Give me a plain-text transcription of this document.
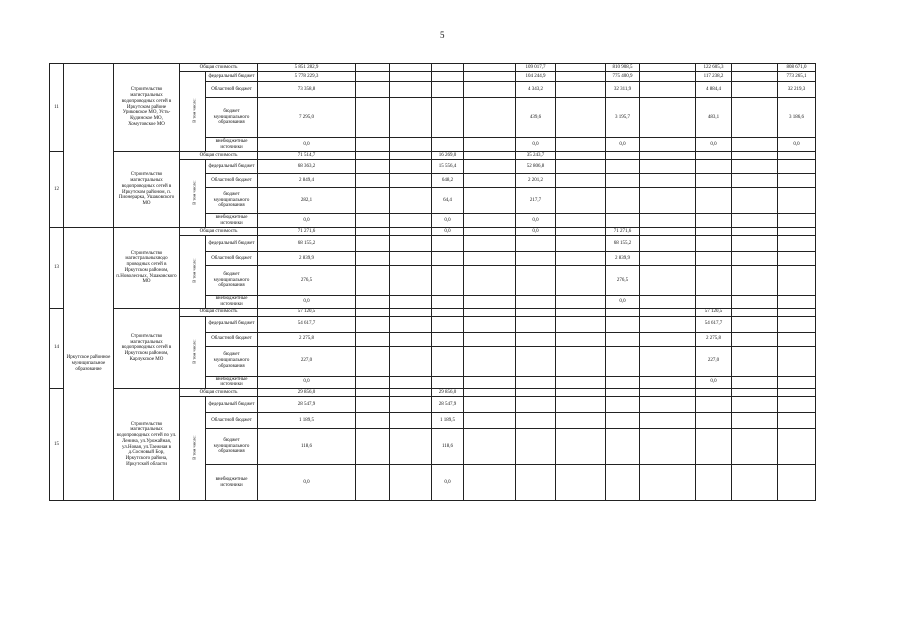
5
11		Строительство магистральных водопроводных сетей в Иркутском районе Уриковское МО, Усть-Кудинское МО, Хомутовское МО	Общая стоимость		5 851 282,9					109 017,7		810 908,5		122 605,3		808 671,0
			В том числе:	федеральный бюджет	5 778 229,3					104 244,9		775 400,9		117 238,2		773 265,1
				Областной бюджет	73 358,8					4 343,2		32 311,9		4 884,4		32 219,3
				бюджет муниципального образования	7 295,0					439,6		3 195,7		483,1		3 186,6
				внебюджетные источники	0,0					0,0		0,0		0,0		0,0
12		Строительство магистральных водопроводных сетей в Иркутском районом, п. Пионерарка, Ушаковского МО	Общая стоимость		71 514,7			16 269,0		35 243,7						
			В том числе:	федеральный бюджет	68 363,2			15 556,4		52 806,8						
				Областной бюджет	2 849,4			648,2		2 201,2						
				бюджет муниципального образования	282,1			64,4		217,7						
				внебюджетные источники	0,0			0,0		0,0						
13	Иркутское районное муниципальное образование	Строительство магистральныхводо проводных сетей в Иркутском районом, п.Новолесных, Ушаковского МО	Общая стоимость		71 271,6			0,0		0,0		71 271,6				
			В том числе:	федеральный бюджет	68 155,2							68 155,2				
				Областной бюджет	2 839,9							2 839,9				
				бюджет муниципального образования	276,5							276,5				
				внебюджетные источники	0,0							0,0				
14		Строительство магистральных водопроводных сетей в Иркутском районом, Карлукское МО	Общая стоимость		57 120,5									57 120,5		
			В том числе:	федеральный бюджет	54 617,7									54 617,7		
				Областной бюджет	2 275,8									2 275,8		
				бюджет муниципального образования	227,0									227,0		
				внебюджетные источники	0,0									0,0		
15		Строительство магистральных водопроводных сетей по ул. Ленина, ул.Урожайная, ул.Новая, ул.Таежная в д.Сосновый Бор, Иркутского района, Иркутской области	Общая стоимость		29 856,0			29 856,0								
			В том числе:	федеральный бюджет	28 547,9			28 547,9								
				Областной бюджет	1 189,5			1 189,5								
				бюджет муниципального образования	118,6			118,6								
				внебюджетные источники	0,0			0,0								
